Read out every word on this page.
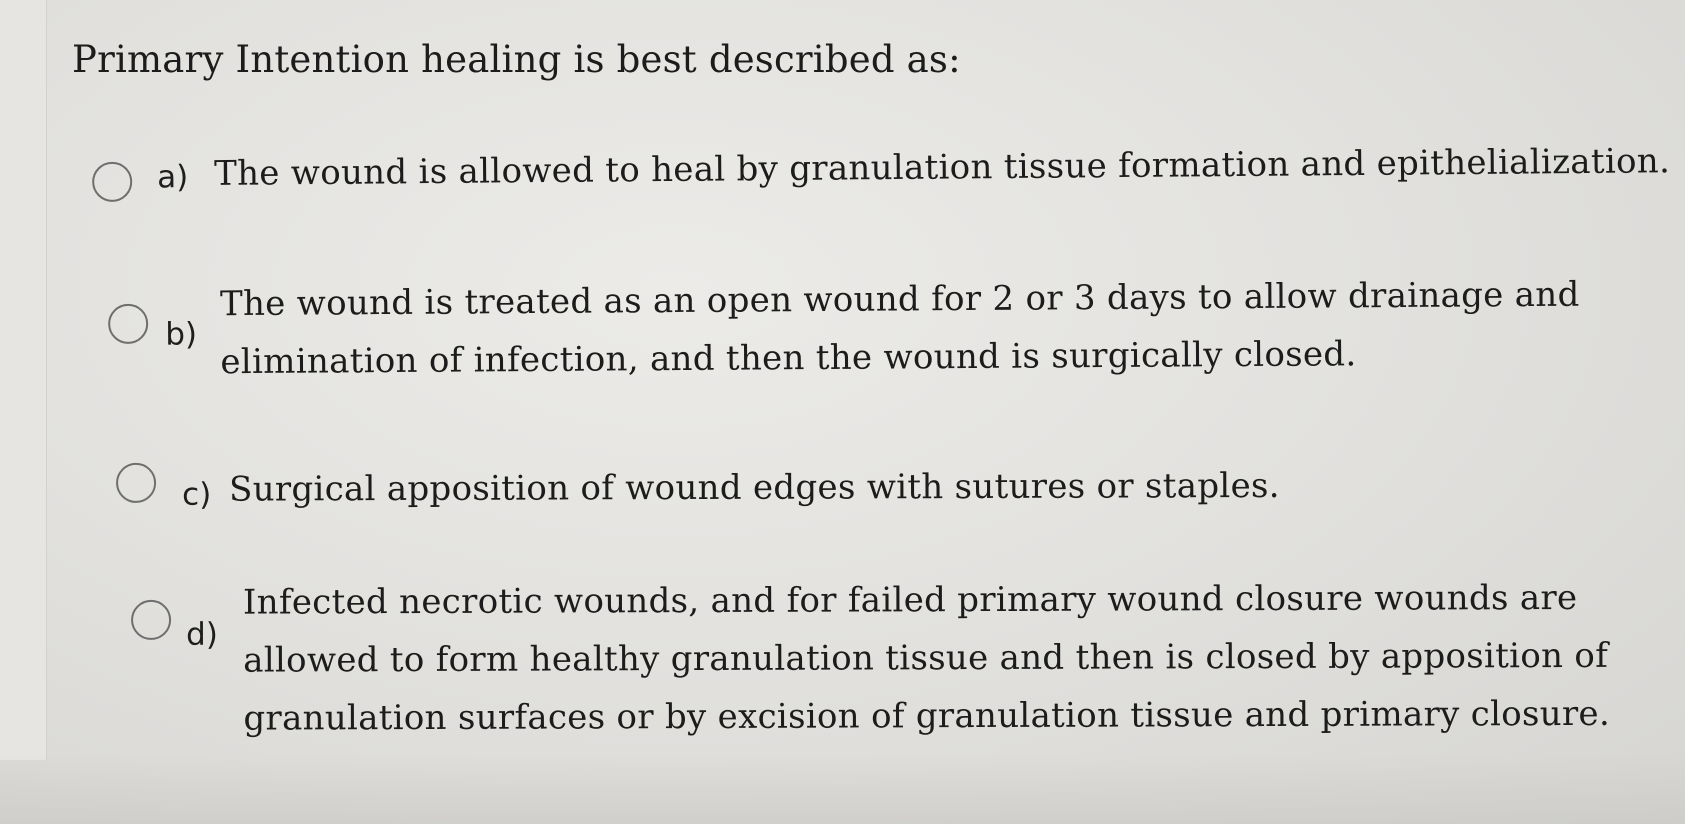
Primary Intention healing is best described as:
a) The wound is allowed to heal by granulation tissue formation and epithelialization.
b)
The wound is treated as an open wound for 2 or 3 days to allow drainage and
elimination of infection, and then the wound is surgically closed.
c) Surgical apposition of wound edges with sutures or staples.
d)
Infected necrotic wounds, and for failed primary wound closure wounds are
allowed to form healthy granulation tissue and then is closed by apposition of
granulation surfaces or by excision of granulation tissue and primary closure.
